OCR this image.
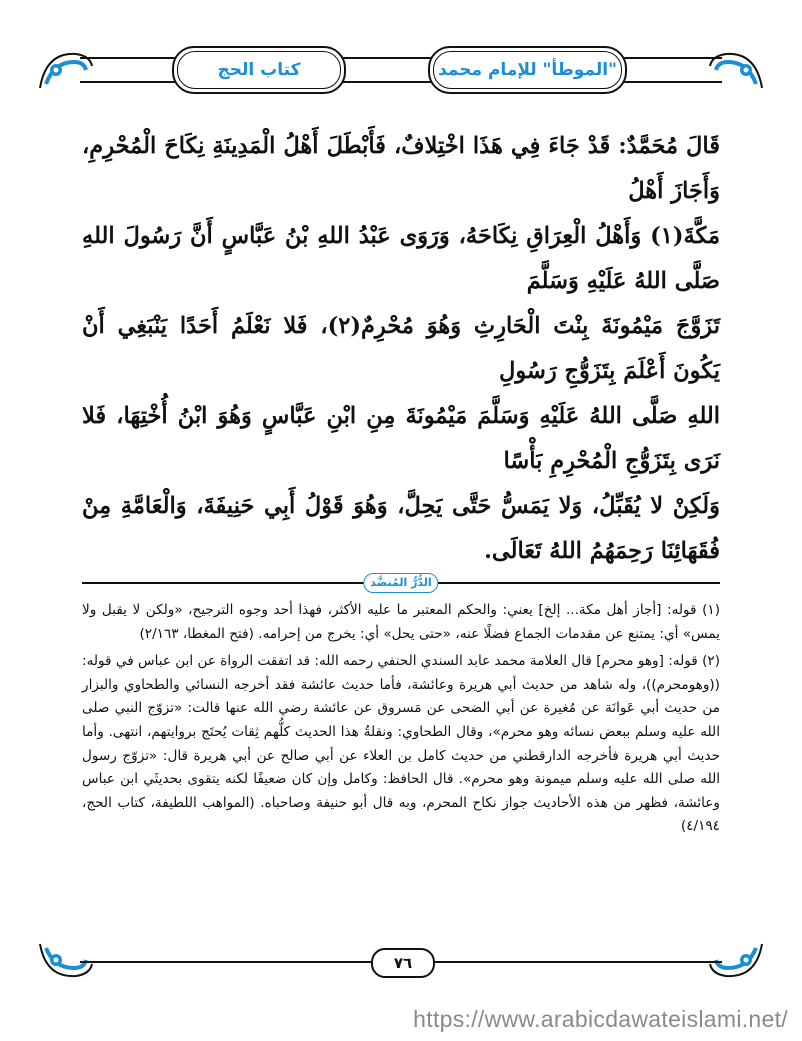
"الموطأ" للإمام محمد
كتاب الحج
قَالَ مُحَمَّدٌ: قَدْ جَاءَ فِي هَذَا اخْتِلافٌ، فَأَبْطَلَ أَهْلُ الْمَدِينَةِ نِكَاحَ الْمُحْرِمِ، وَأَجَازَ أَهْلُ
مَكَّةَ(١) وَأَهْلُ الْعِرَاقِ نِكَاحَهُ، وَرَوَى عَبْدُ اللهِ بْنُ عَبَّاسٍ أَنَّ رَسُولَ اللهِ صَلَّى اللهُ عَلَيْهِ وَسَلَّمَ
تَزَوَّجَ مَيْمُونَةَ بِنْتَ الْحَارِثِ وَهُوَ مُحْرِمٌ(٢)، فَلا نَعْلَمُ أَحَدًا يَنْبَغِي أَنْ يَكُونَ أَعْلَمَ بِتَزَوُّجِ رَسُولِ
اللهِ صَلَّى اللهُ عَلَيْهِ وَسَلَّمَ مَيْمُونَةَ مِنِ ابْنِ عَبَّاسٍ وَهُوَ ابْنُ أُخْتِهَا، فَلا نَرَى بِتَزَوُّجِ الْمُحْرِمِ بَأْسًا
وَلَكِنْ لا يُقَبِّلُ، وَلا يَمَسُّ حَتَّى يَحِلَّ، وَهُوَ قَوْلُ أَبِي حَنِيفَةَ، وَالْعَامَّةِ مِنْ فُقَهَائِنَا رَحِمَهُمُ اللهُ تَعَالَى.
الدُّرُّ المُنضَّد

(١) قوله: [أجاز أهل مكة... إلخ] يعني: والحكم المعتبر ما عليه الأكثر، فهذا أحد وجوه الترجيح، «ولكن لا يقبل ولا يمس» أي: يمتنع عن مقدمات الجماع فضلًا عنه، «حتى يحل» أي: يخرج من إحرامه. (فتح المغطا، ٢/١٦٣)

(٢) قوله: [وهو محرم] قال العلامة محمد عابد السندي الحنفي رحمه الله: قد اتفقت الرواة عن ابن عباس في قوله: ((وهومحرم))، وله شاهد من حديث أبي هريرة وعائشة، فأما حديث عائشة فقد أخرجه النسائي والطحاوي والبزار من حديث أبي عَوانَة عن مُغيرة عن أبي الضحى عن مَسروق عن عائشة رضي الله عنها قالت: «تزوّج النبي صلى الله عليه وسلم ببعض نسائه وهو محرم»، وقال الطحاوي: ونقلةُ هذا الحديث كلُّهم ثِقات يُحتَج بروايتهم، انتهى. وأما حديث أبي هريرة فأخرجه الدارقطني من حديث كامل بن العلاء عن أبي صالح عن أبي هريرة قال: «تزوّج رسول الله صلى الله عليه وسلم ميمونة وهو محرم». قال الحافظ: وكامل وإن كان ضعيفًا لكنه يتقوى بحديثَي ابن عباس وعائشة، فظهر من هذه الأحاديث جواز نكاح المحرم، وبه قال أبو حنيفة وصاحباه. (المواهب اللطيفة، كتاب الحج، ٤/١٩٤)

٧٦
https://www.arabicdawateislami.net/
